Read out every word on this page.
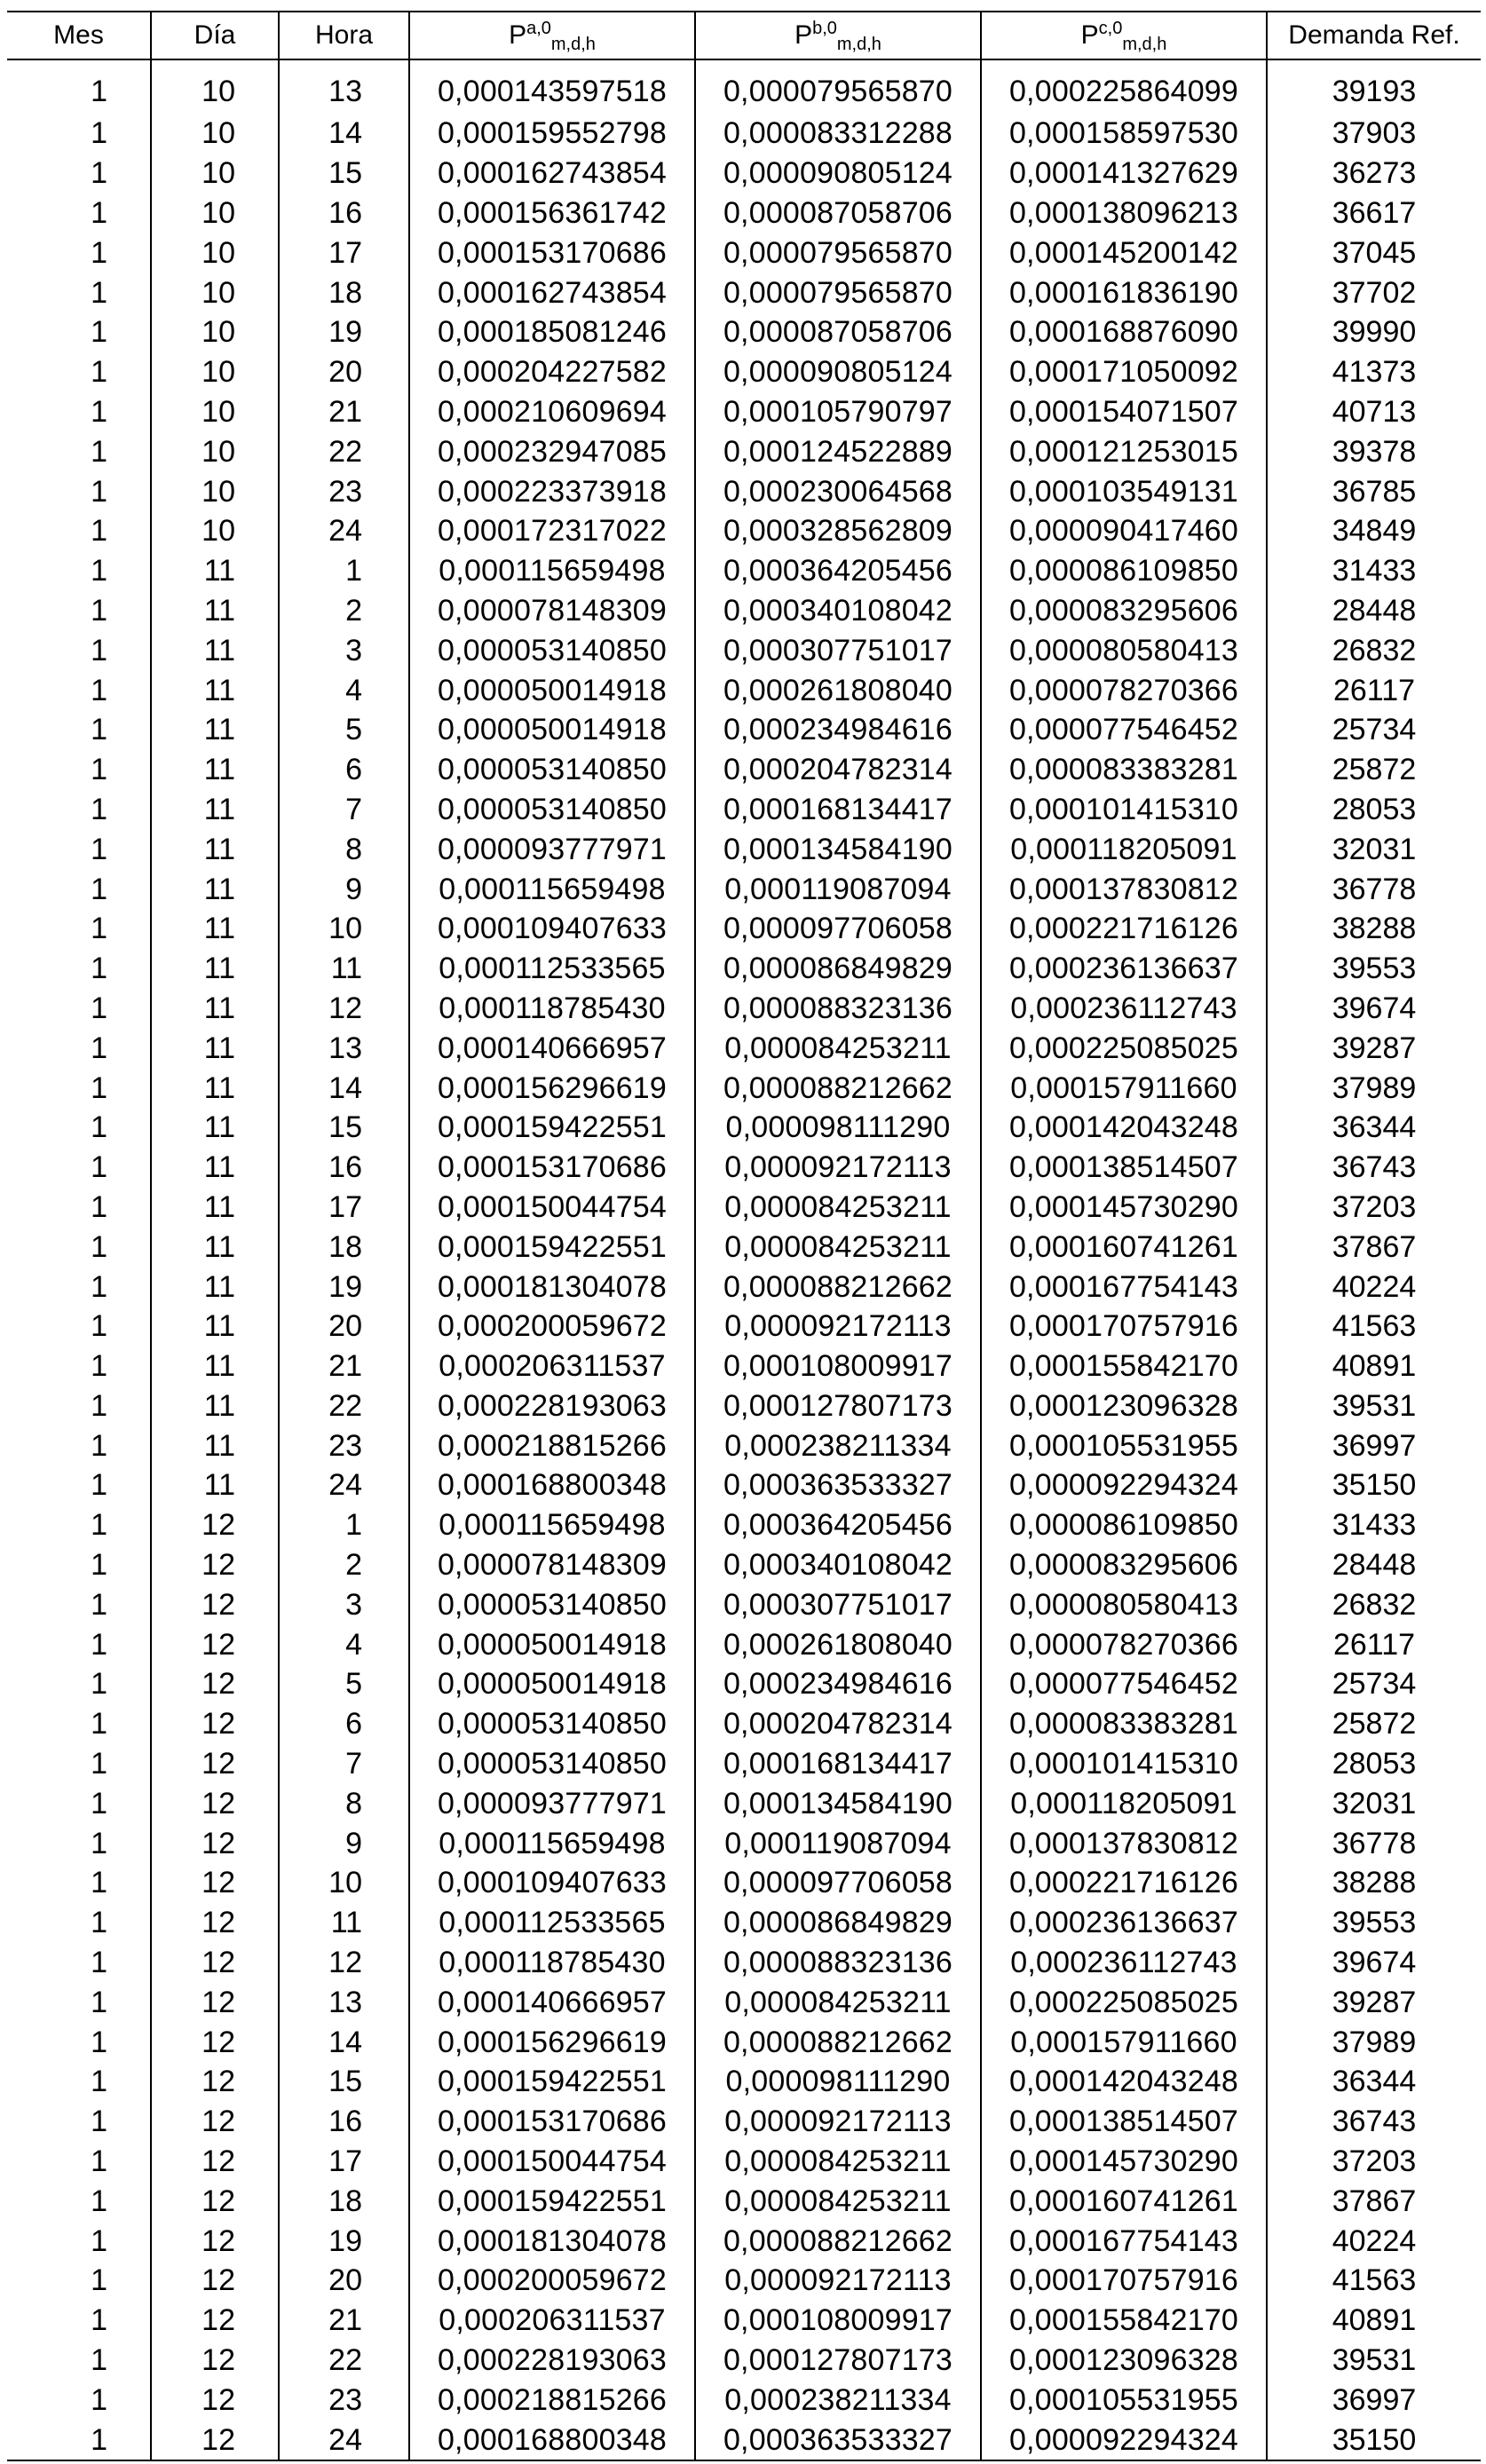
Mes	Día	Hora	P$^{a,0}_{m,d,h}$	P$^{b,0}_{m,d,h}$	P$^{c,0}_{m,d,h}$	Demanda Ref.
1	10	13	0,000143597518	0,000079565870	0,000225864099	39193
1	10	14	0,000159552798	0,000083312288	0,000158597530	37903
1	10	15	0,000162743854	0,000090805124	0,000141327629	36273
1	10	16	0,000156361742	0,000087058706	0,000138096213	36617
1	10	17	0,000153170686	0,000079565870	0,000145200142	37045
1	10	18	0,000162743854	0,000079565870	0,000161836190	37702
1	10	19	0,000185081246	0,000087058706	0,000168876090	39990
1	10	20	0,000204227582	0,000090805124	0,000171050092	41373
1	10	21	0,000210609694	0,000105790797	0,000154071507	40713
1	10	22	0,000232947085	0,000124522889	0,000121253015	39378
1	10	23	0,000223373918	0,000230064568	0,000103549131	36785
1	10	24	0,000172317022	0,000328562809	0,000090417460	34849
1	11	1	0,000115659498	0,000364205456	0,000086109850	31433
1	11	2	0,000078148309	0,000340108042	0,000083295606	28448
1	11	3	0,000053140850	0,000307751017	0,000080580413	26832
1	11	4	0,000050014918	0,000261808040	0,000078270366	26117
1	11	5	0,000050014918	0,000234984616	0,000077546452	25734
1	11	6	0,000053140850	0,000204782314	0,000083383281	25872
1	11	7	0,000053140850	0,000168134417	0,000101415310	28053
1	11	8	0,000093777971	0,000134584190	0,000118205091	32031
1	11	9	0,000115659498	0,000119087094	0,000137830812	36778
1	11	10	0,000109407633	0,000097706058	0,000221716126	38288
1	11	11	0,000112533565	0,000086849829	0,000236136637	39553
1	11	12	0,000118785430	0,000088323136	0,000236112743	39674
1	11	13	0,000140666957	0,000084253211	0,000225085025	39287
1	11	14	0,000156296619	0,000088212662	0,000157911660	37989
1	11	15	0,000159422551	0,000098111290	0,000142043248	36344
1	11	16	0,000153170686	0,000092172113	0,000138514507	36743
1	11	17	0,000150044754	0,000084253211	0,000145730290	37203
1	11	18	0,000159422551	0,000084253211	0,000160741261	37867
1	11	19	0,000181304078	0,000088212662	0,000167754143	40224
1	11	20	0,000200059672	0,000092172113	0,000170757916	41563
1	11	21	0,000206311537	0,000108009917	0,000155842170	40891
1	11	22	0,000228193063	0,000127807173	0,000123096328	39531
1	11	23	0,000218815266	0,000238211334	0,000105531955	36997
1	11	24	0,000168800348	0,000363533327	0,000092294324	35150
1	12	1	0,000115659498	0,000364205456	0,000086109850	31433
1	12	2	0,000078148309	0,000340108042	0,000083295606	28448
1	12	3	0,000053140850	0,000307751017	0,000080580413	26832
1	12	4	0,000050014918	0,000261808040	0,000078270366	26117
1	12	5	0,000050014918	0,000234984616	0,000077546452	25734
1	12	6	0,000053140850	0,000204782314	0,000083383281	25872
1	12	7	0,000053140850	0,000168134417	0,000101415310	28053
1	12	8	0,000093777971	0,000134584190	0,000118205091	32031
1	12	9	0,000115659498	0,000119087094	0,000137830812	36778
1	12	10	0,000109407633	0,000097706058	0,000221716126	38288
1	12	11	0,000112533565	0,000086849829	0,000236136637	39553
1	12	12	0,000118785430	0,000088323136	0,000236112743	39674
1	12	13	0,000140666957	0,000084253211	0,000225085025	39287
1	12	14	0,000156296619	0,000088212662	0,000157911660	37989
1	12	15	0,000159422551	0,000098111290	0,000142043248	36344
1	12	16	0,000153170686	0,000092172113	0,000138514507	36743
1	12	17	0,000150044754	0,000084253211	0,000145730290	37203
1	12	18	0,000159422551	0,000084253211	0,000160741261	37867
1	12	19	0,000181304078	0,000088212662	0,000167754143	40224
1	12	20	0,000200059672	0,000092172113	0,000170757916	41563
1	12	21	0,000206311537	0,000108009917	0,000155842170	40891
1	12	22	0,000228193063	0,000127807173	0,000123096328	39531
1	12	23	0,000218815266	0,000238211334	0,000105531955	36997
1	12	24	0,000168800348	0,000363533327	0,000092294324	35150
